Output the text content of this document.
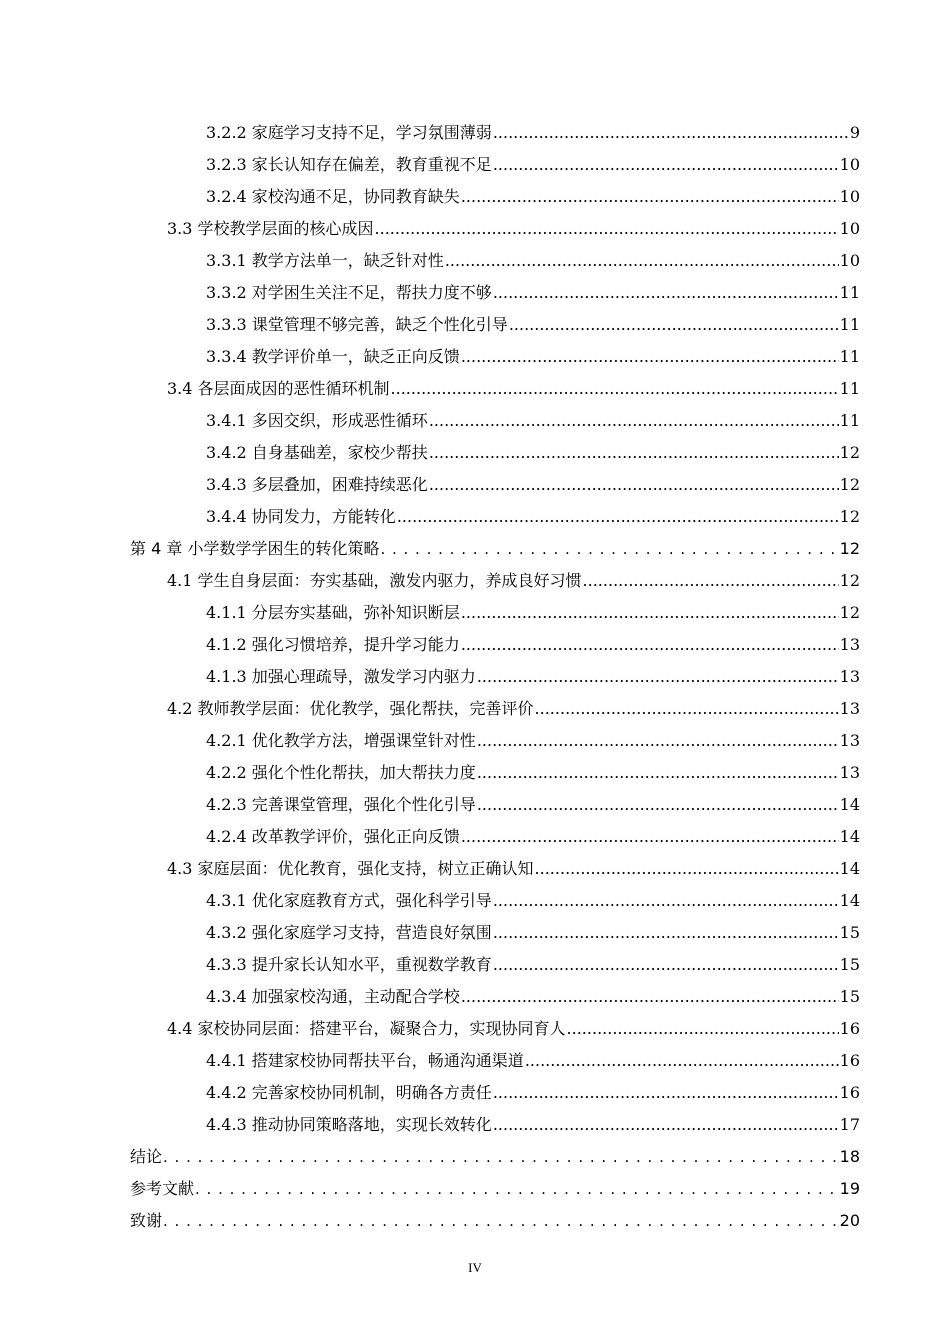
3.2.2 家庭学习支持不足，学习氛围薄弱 .....	9
3.2.3 家长认知存在偏差，教育重视不足 .....	10
3.2.4 家校沟通不足，协同教育缺失 .....	10
3.3 学校教学层面的核心成因 .....	10
3.3.1 教学方法单一，缺乏针对性 .....	10
3.3.2 对学困生关注不足，帮扶力度不够 .....	11
3.3.3 课堂管理不够完善，缺乏个性化引导 .....	11
3.3.4 教学评价单一，缺乏正向反馈 .....	11
3.4 各层面成因的恶性循环机制 .....	11
3.4.1 多因交织，形成恶性循环 .....	11
3.4.2 自身基础差，家校少帮扶 .....	12
3.4.3 多层叠加，困难持续恶化 .....	12
3.4.4 协同发力，方能转化 .....	12
第 4 章 小学数学学困生的转化策略 . . .	12
4.1 学生自身层面：夯实基础，激发内驱力，养成良好习惯 .....	12
4.1.1 分层夯实基础，弥补知识断层 .....	12
4.1.2 强化习惯培养，提升学习能力 .....	13
4.1.3 加强心理疏导，激发学习内驱力 .....	13
4.2 教师教学层面：优化教学，强化帮扶，完善评价 .....	13
4.2.1 优化教学方法，增强课堂针对性 .....	13
4.2.2 强化个性化帮扶，加大帮扶力度 .....	13
4.2.3 完善课堂管理，强化个性化引导 .....	14
4.2.4 改革教学评价，强化正向反馈 .....	14
4.3 家庭层面：优化教育，强化支持，树立正确认知 .....	14
4.3.1 优化家庭教育方式，强化科学引导 .....	14
4.3.2 强化家庭学习支持，营造良好氛围 .....	15
4.3.3 提升家长认知水平，重视数学教育 .....	15
4.3.4 加强家校沟通，主动配合学校 .....	15
4.4 家校协同层面：搭建平台，凝聚合力，实现协同育人 .....	16
4.4.1 搭建家校协同帮扶平台，畅通沟通渠道 .....	16
4.4.2 完善家校协同机制，明确各方责任 .....	16
4.4.3 推动协同策略落地，实现长效转化 .....	17
结论 . . .	18
参考文献 . . .	19
致谢 . . .	20
IV
